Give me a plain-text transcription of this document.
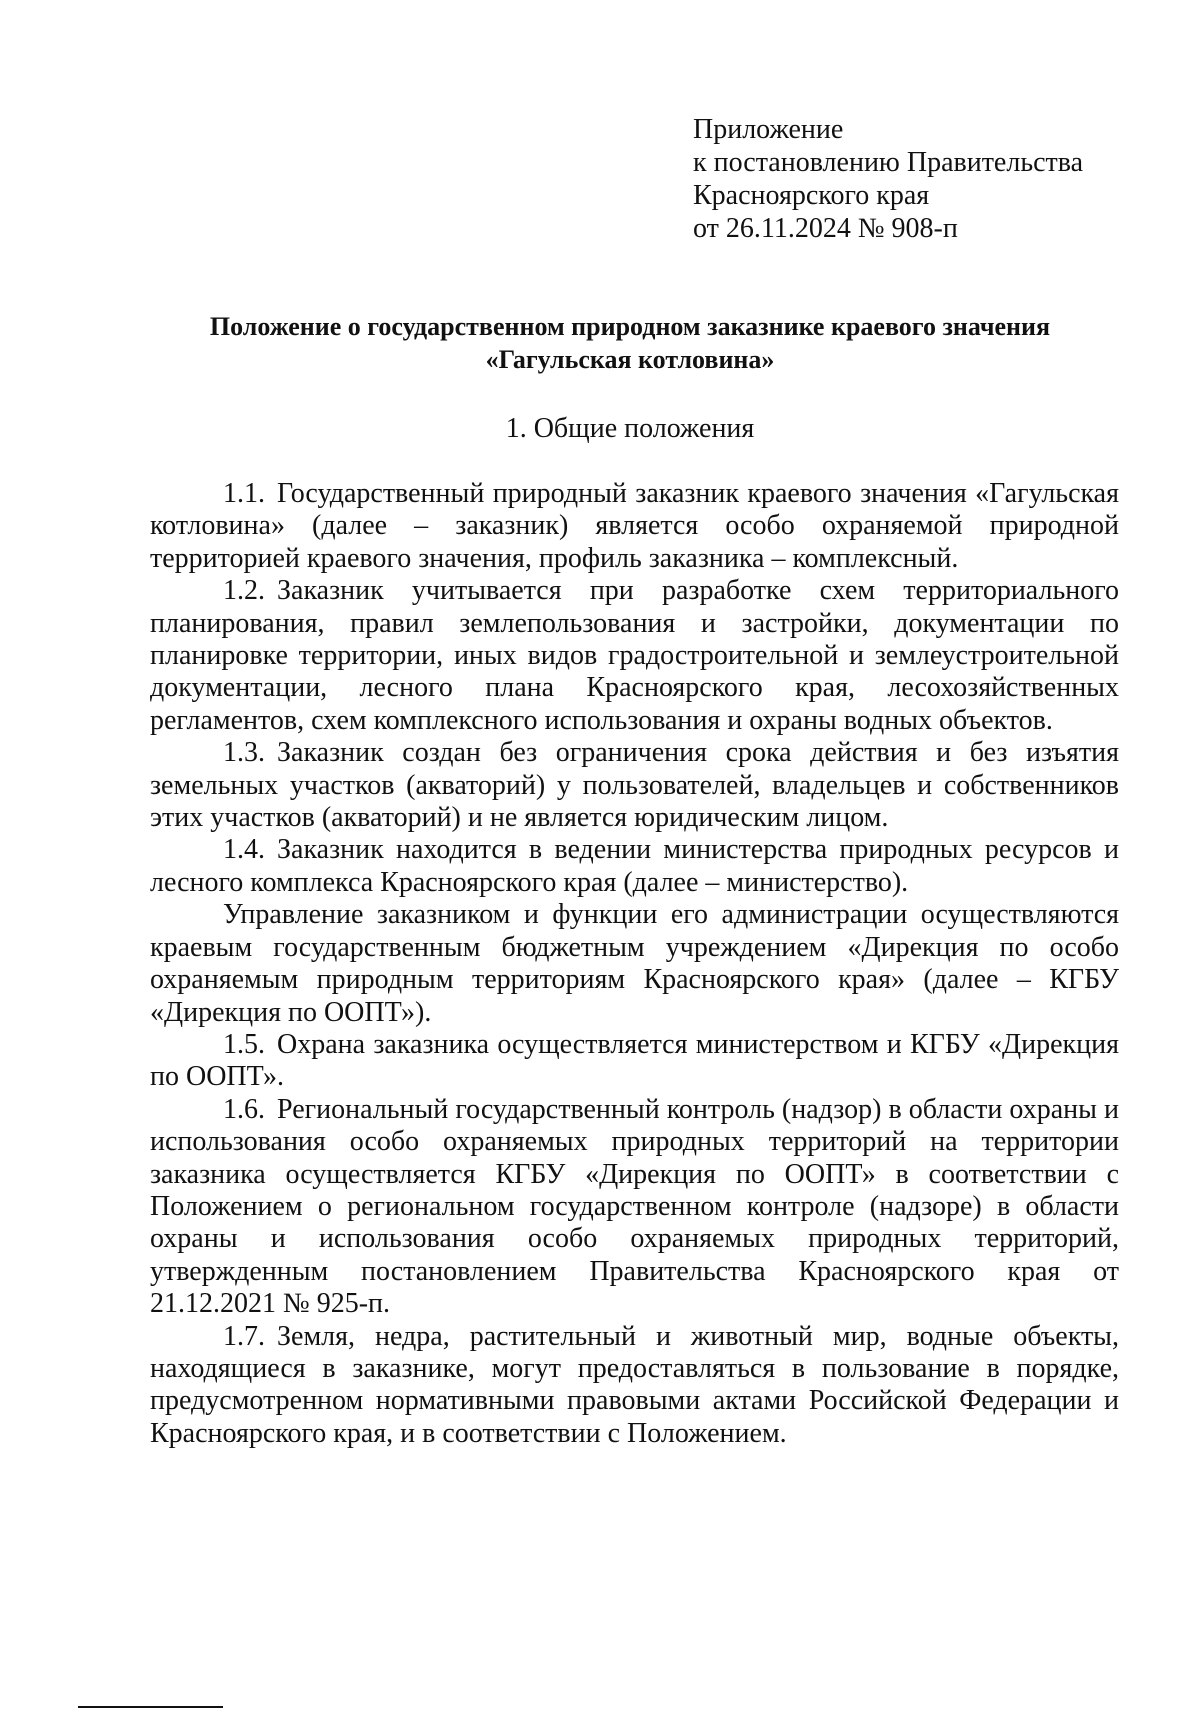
Приложение
к постановлению Правительства
Красноярского края
от 26.11.2024 № 908-п
Положение о государственном природном заказнике краевого значения
«Гагульская котловина»
1. Общие положения

1.1. Государственный природный заказник краевого значения «Гагульская котловина» (далее – заказник) является особо охраняемой природной территорией краевого значения, профиль заказника – комплексный.

1.2. Заказник учитывается при разработке схем территориального планирования, правил землепользования и застройки, документации по планировке территории, иных видов градостроительной и землеустроительной документации, лесного плана Красноярского края, лесохозяйственных регламентов, схем комплексного использования и охраны водных объектов.

1.3. Заказник создан без ограничения срока действия и без изъятия земельных участков (акваторий) у пользователей, владельцев и собственников этих участков (акваторий) и не является юридическим лицом.

1.4. Заказник находится в ведении министерства природных ресурсов и лесного комплекса Красноярского края (далее – министерство).

Управление заказником и функции его администрации осуществляются краевым государственным бюджетным учреждением «Дирекция по особо охраняемым природным территориям Красноярского края» (далее – КГБУ «Дирекция по ООПТ»).

1.5. Охрана заказника осуществляется министерством и КГБУ «Дирекция по ООПТ».

1.6. Региональный государственный контроль (надзор) в области охраны и использования особо охраняемых природных территорий на территории заказника осуществляется КГБУ «Дирекция по ООПТ» в соответствии с Положением о региональном государственном контроле (надзоре) в области охраны и использования особо охраняемых природных территорий, утвержденным постановлением Правительства Красноярского края от 21.12.2021 № 925-п.

1.7. Земля, недра, растительный и животный мир, водные объекты, находящиеся в заказнике, могут предоставляться в пользование в порядке, предусмотренном нормативными правовыми актами Российской Федерации и Красноярского края, и в соответствии с Положением.
